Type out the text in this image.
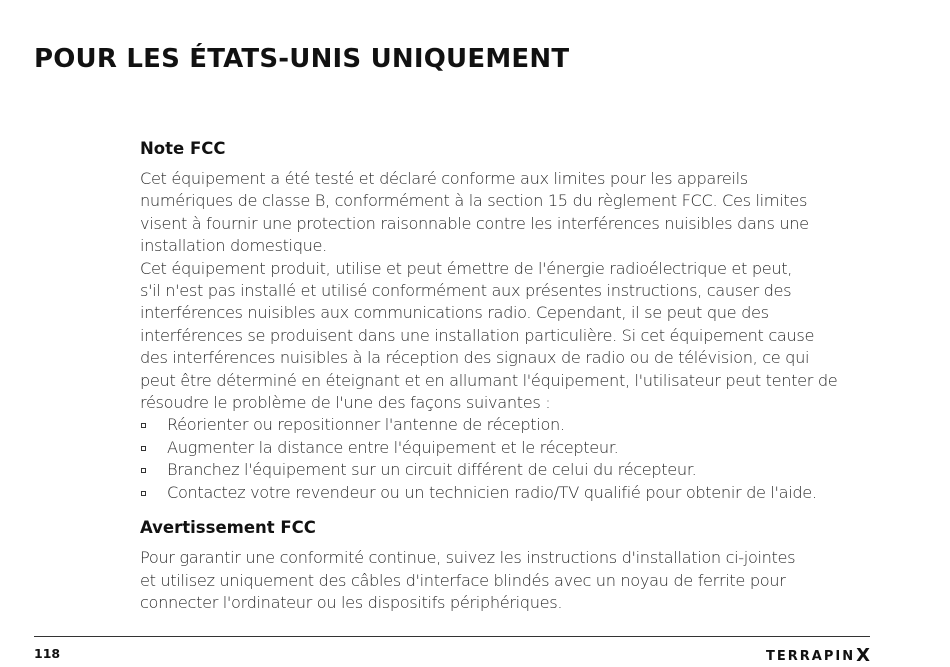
POUR LES ÉTATS-UNIS UNIQUEMENT
Note FCC

Cet équipement a été testé et déclaré conforme aux limites pour les appareils
numériques de classe B, conformément à la section 15 du règlement FCC. Ces limites
visent à fournir une protection raisonnable contre les interférences nuisibles dans une
installation domestique.

Cet équipement produit, utilise et peut émettre de l'énergie radioélectrique et peut,
s'il n'est pas installé et utilisé conformément aux présentes instructions, causer des
interférences nuisibles aux communications radio. Cependant, il se peut que des
interférences se produisent dans une installation particulière. Si cet équipement cause
des interférences nuisibles à la réception des signaux de radio ou de télévision, ce qui
peut être déterminé en éteignant et en allumant l'équipement, l'utilisateur peut tenter de
résoudre le problème de l'une des façons suivantes :

Réorienter ou repositionner l'antenne de réception.
Augmenter la distance entre l'équipement et le récepteur.
Branchez l'équipement sur un circuit différent de celui du récepteur.
Contactez votre revendeur ou un technicien radio/TV qualifié pour obtenir de l'aide.
Avertissement FCC

Pour garantir une conformité continue, suivez les instructions d'installation ci-jointes
et utilisez uniquement des câbles d'interface blindés avec un noyau de ferrite pour
connecter l'ordinateur ou les dispositifs périphériques.

118	TERRAPINX
